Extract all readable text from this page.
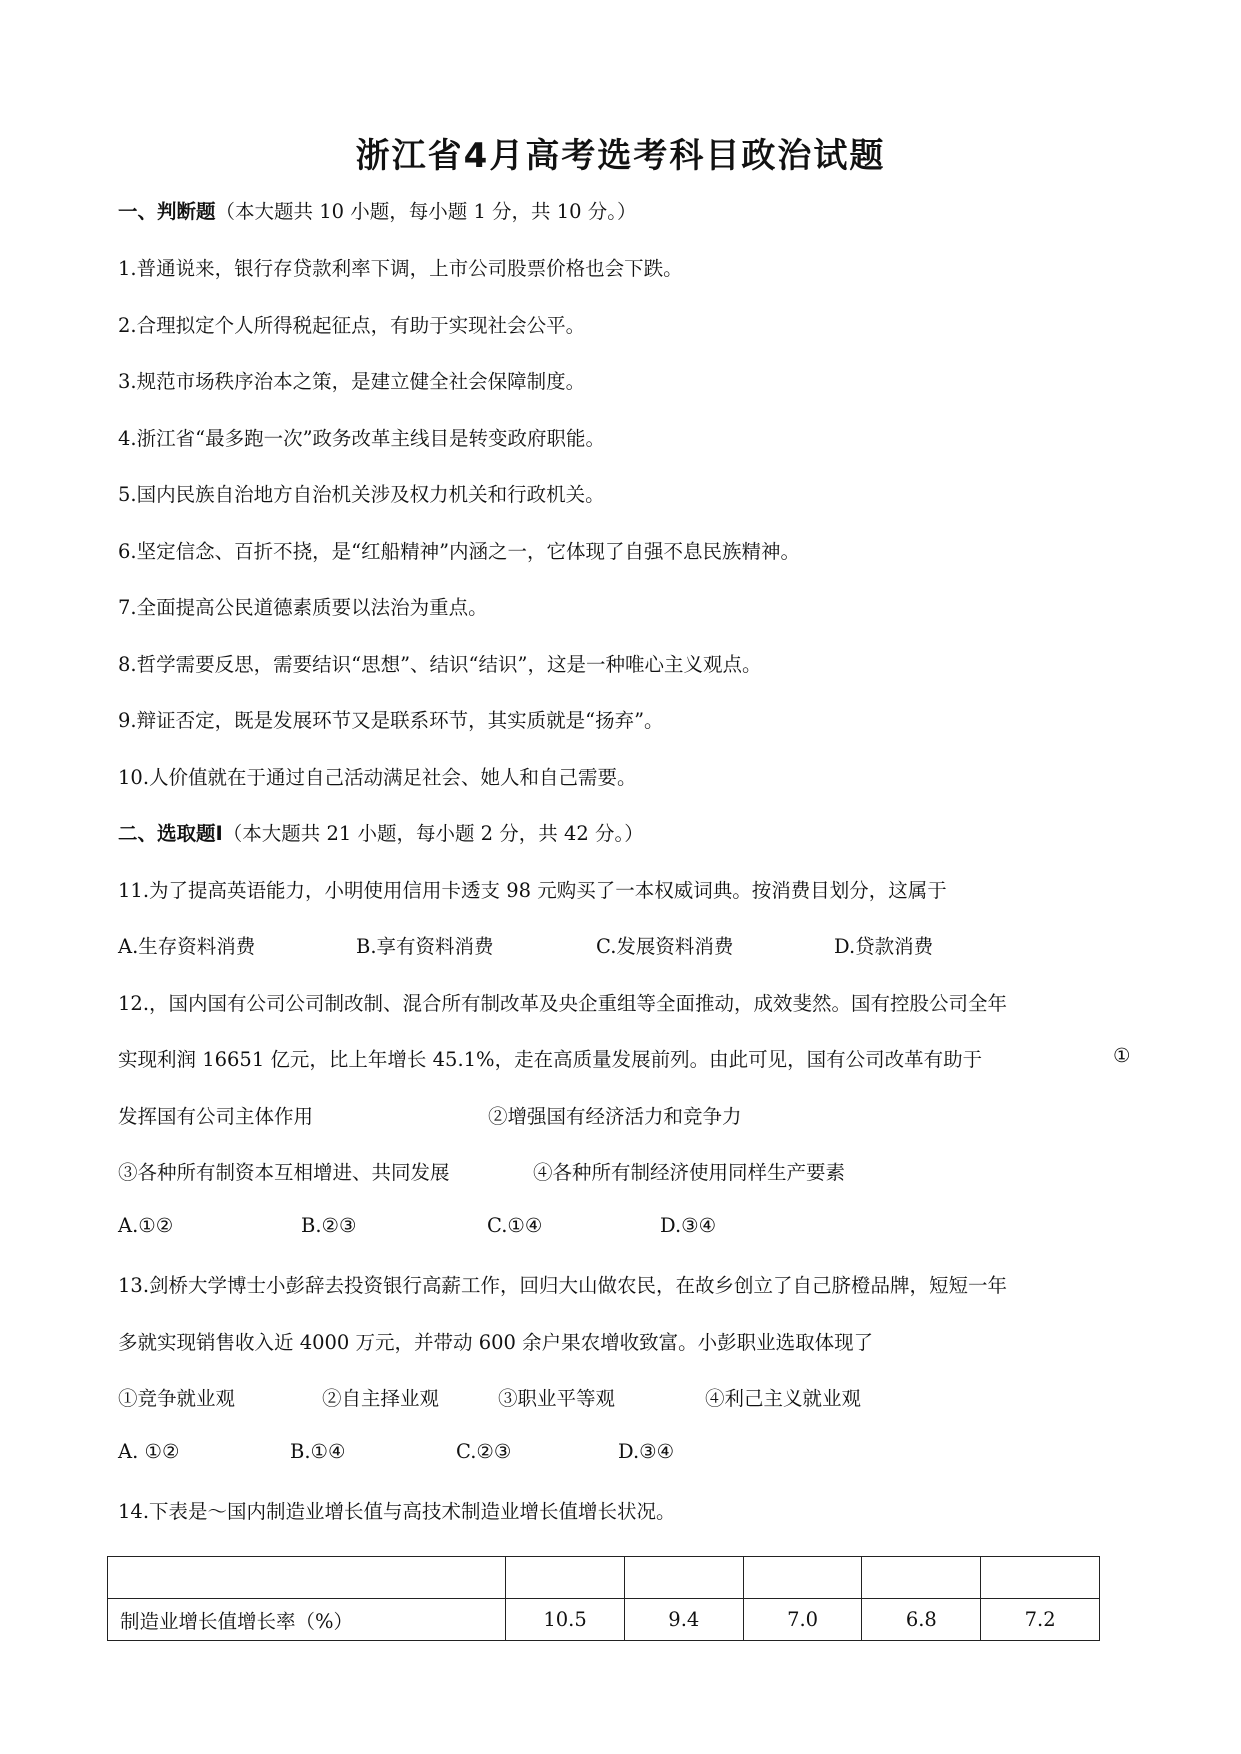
浙江省4月高考选考科目政治试题
一、判断题（本大题共 10 小题，每小题 1 分，共 10 分。）
1.普通说来，银行存贷款利率下调，上市公司股票价格也会下跌。
2.合理拟定个人所得税起征点，有助于实现社会公平。
3.规范市场秩序治本之策，是建立健全社会保障制度。
4.浙江省“最多跑一次”政务改革主线目是转变政府职能。
5.国内民族自治地方自治机关涉及权力机关和行政机关。
6.坚定信念、百折不挠，是“红船精神”内涵之一，它体现了自强不息民族精神。
7.全面提高公民道德素质要以法治为重点。
8.哲学需要反思，需要结识“思想”、结识“结识”，这是一种唯心主义观点。
9.辩证否定，既是发展环节又是联系环节，其实质就是“扬弃”。
10.人价值就在于通过自己活动满足社会、她人和自己需要。
二、选取题Ⅰ（本大题共 21 小题，每小题 2 分，共 42 分。）
11.为了提高英语能力，小明使用信用卡透支 98 元购买了一本权威词典。按消费目划分，这属于
A.生存资料消费	B.享有资料消费	C.发展资料消费	D.贷款消费
12.，国内国有公司公司制改制、混合所有制改革及央企重组等全面推动，成效斐然。国有控股公司全年
实现利润 16651 亿元，比上年增长 45.1%，走在高质量发展前列。由此可见，国有公司改革有助于	①
发挥国有公司主体作用	②增强国有经济活力和竞争力
③各种所有制资本互相增进、共同发展	④各种所有制经济使用同样生产要素
A.①②	B.②③	C.①④	D.③④
13.剑桥大学博士小彭辞去投资银行高薪工作，回归大山做农民，在故乡创立了自己脐橙品牌，短短一年
多就实现销售收入近 4000 万元，并带动 600 余户果农增收致富。小彭职业选取体现了
①竞争就业观	②自主择业观	③职业平等观	④利己主义就业观
A. ①②	B.①④	C.②③	D.③④
14.下表是～国内制造业增长值与高技术制造业增长值增长状况。

制造业增长值增长率（%）	10.5	9.4	7.0	6.8	7.2
